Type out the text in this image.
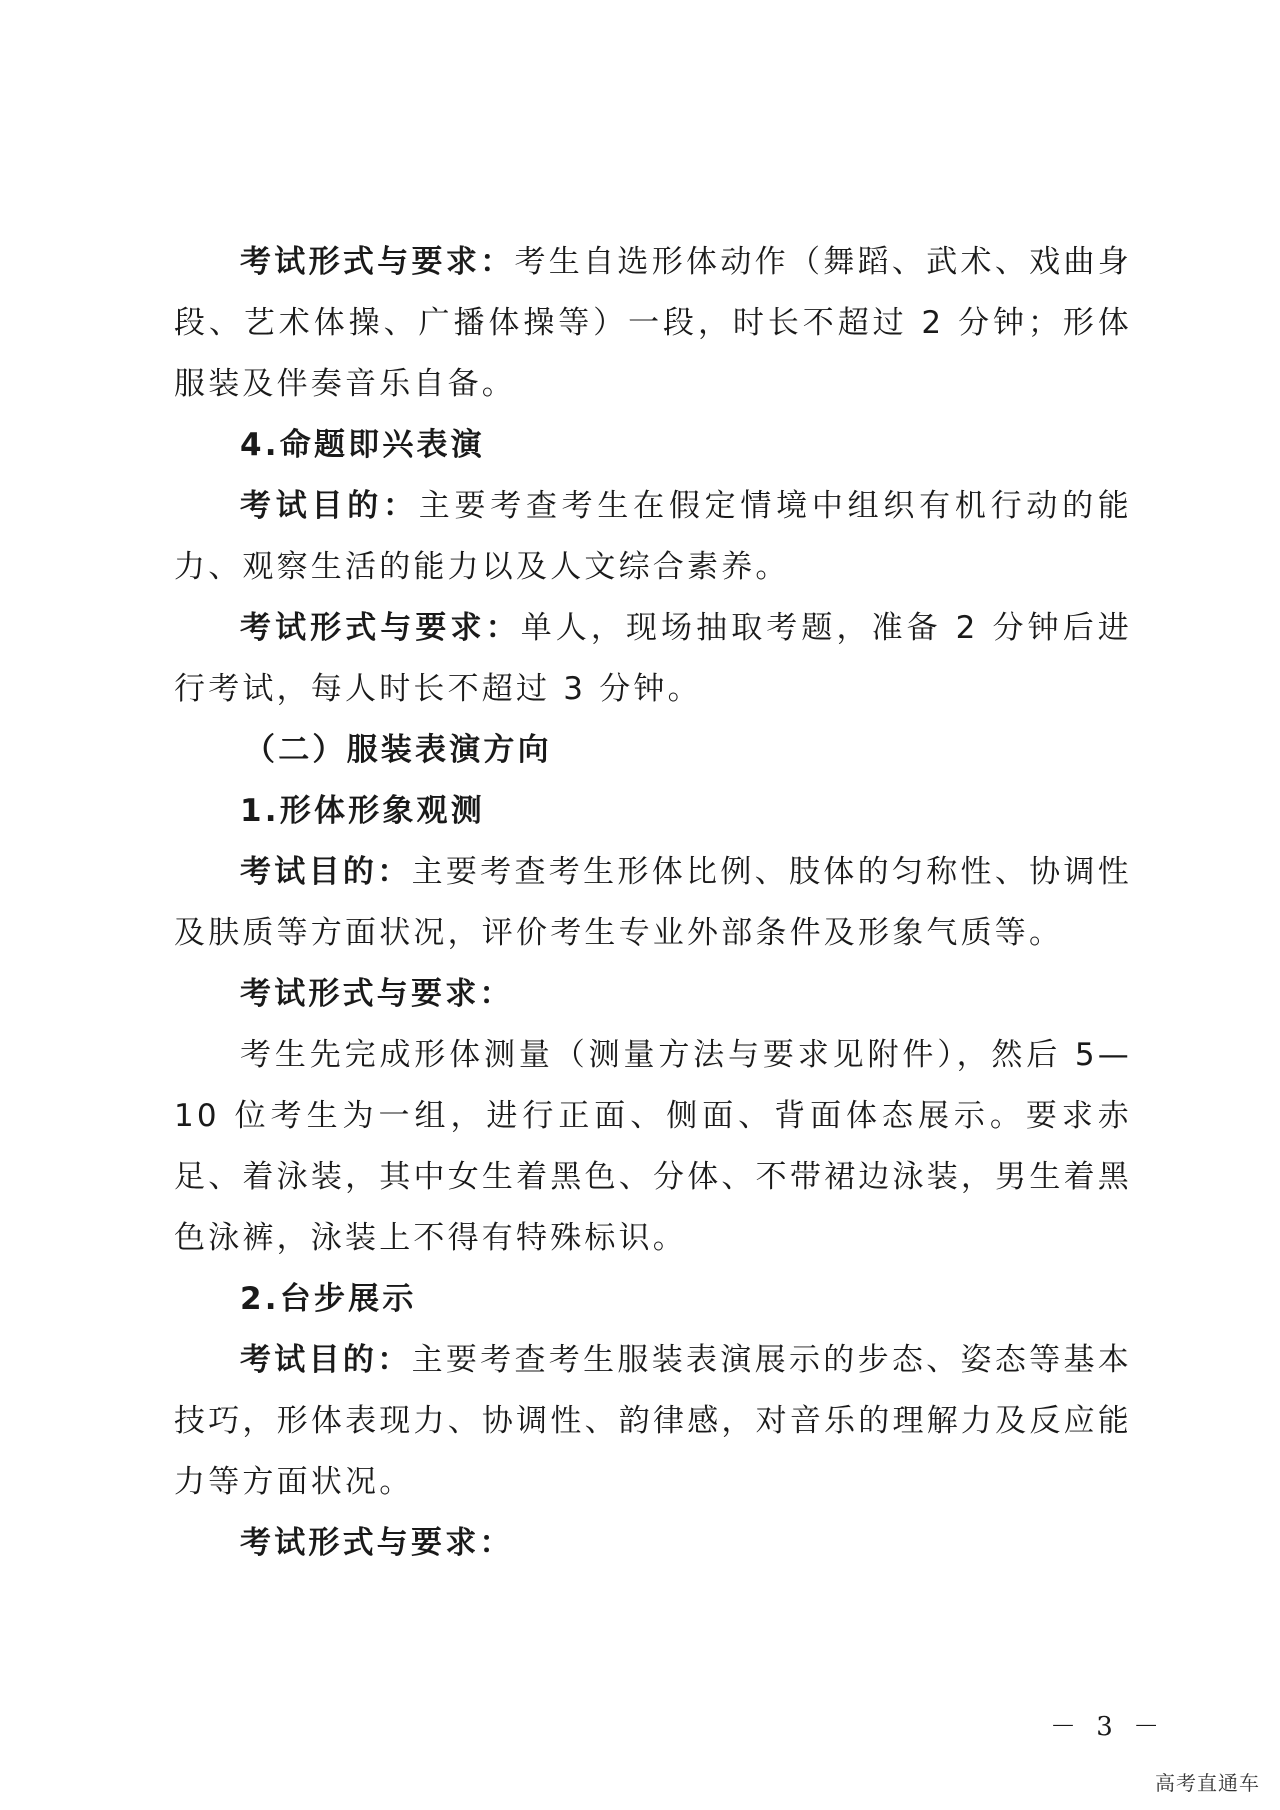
考试形式与要求：考生自选形体动作（舞蹈、武术、戏曲身段、艺术体操、广播体操等）一段，时长不超过 2 分钟；形体服装及伴奏音乐自备。

4.命题即兴表演

考试目的：主要考查考生在假定情境中组织有机行动的能力、观察生活的能力以及人文综合素养。

考试形式与要求：单人，现场抽取考题，准备 2 分钟后进行考试，每人时长不超过 3 分钟。

（二）服装表演方向
1.形体形象观测

考试目的：主要考查考生形体比例、肢体的匀称性、协调性及肤质等方面状况，评价考生专业外部条件及形象气质等。

考试形式与要求：

考生先完成形体测量（测量方法与要求见附件），然后 5—10 位考生为一组，进行正面、侧面、背面体态展示。要求赤足、着泳装，其中女生着黑色、分体、不带裙边泳装，男生着黑色泳裤，泳装上不得有特殊标识。

2.台步展示

考试目的：主要考查考生服装表演展示的步态、姿态等基本技巧，形体表现力、协调性、韵律感，对音乐的理解力及反应能力等方面状况。

考试形式与要求：

－ 3 －
高考直通车
